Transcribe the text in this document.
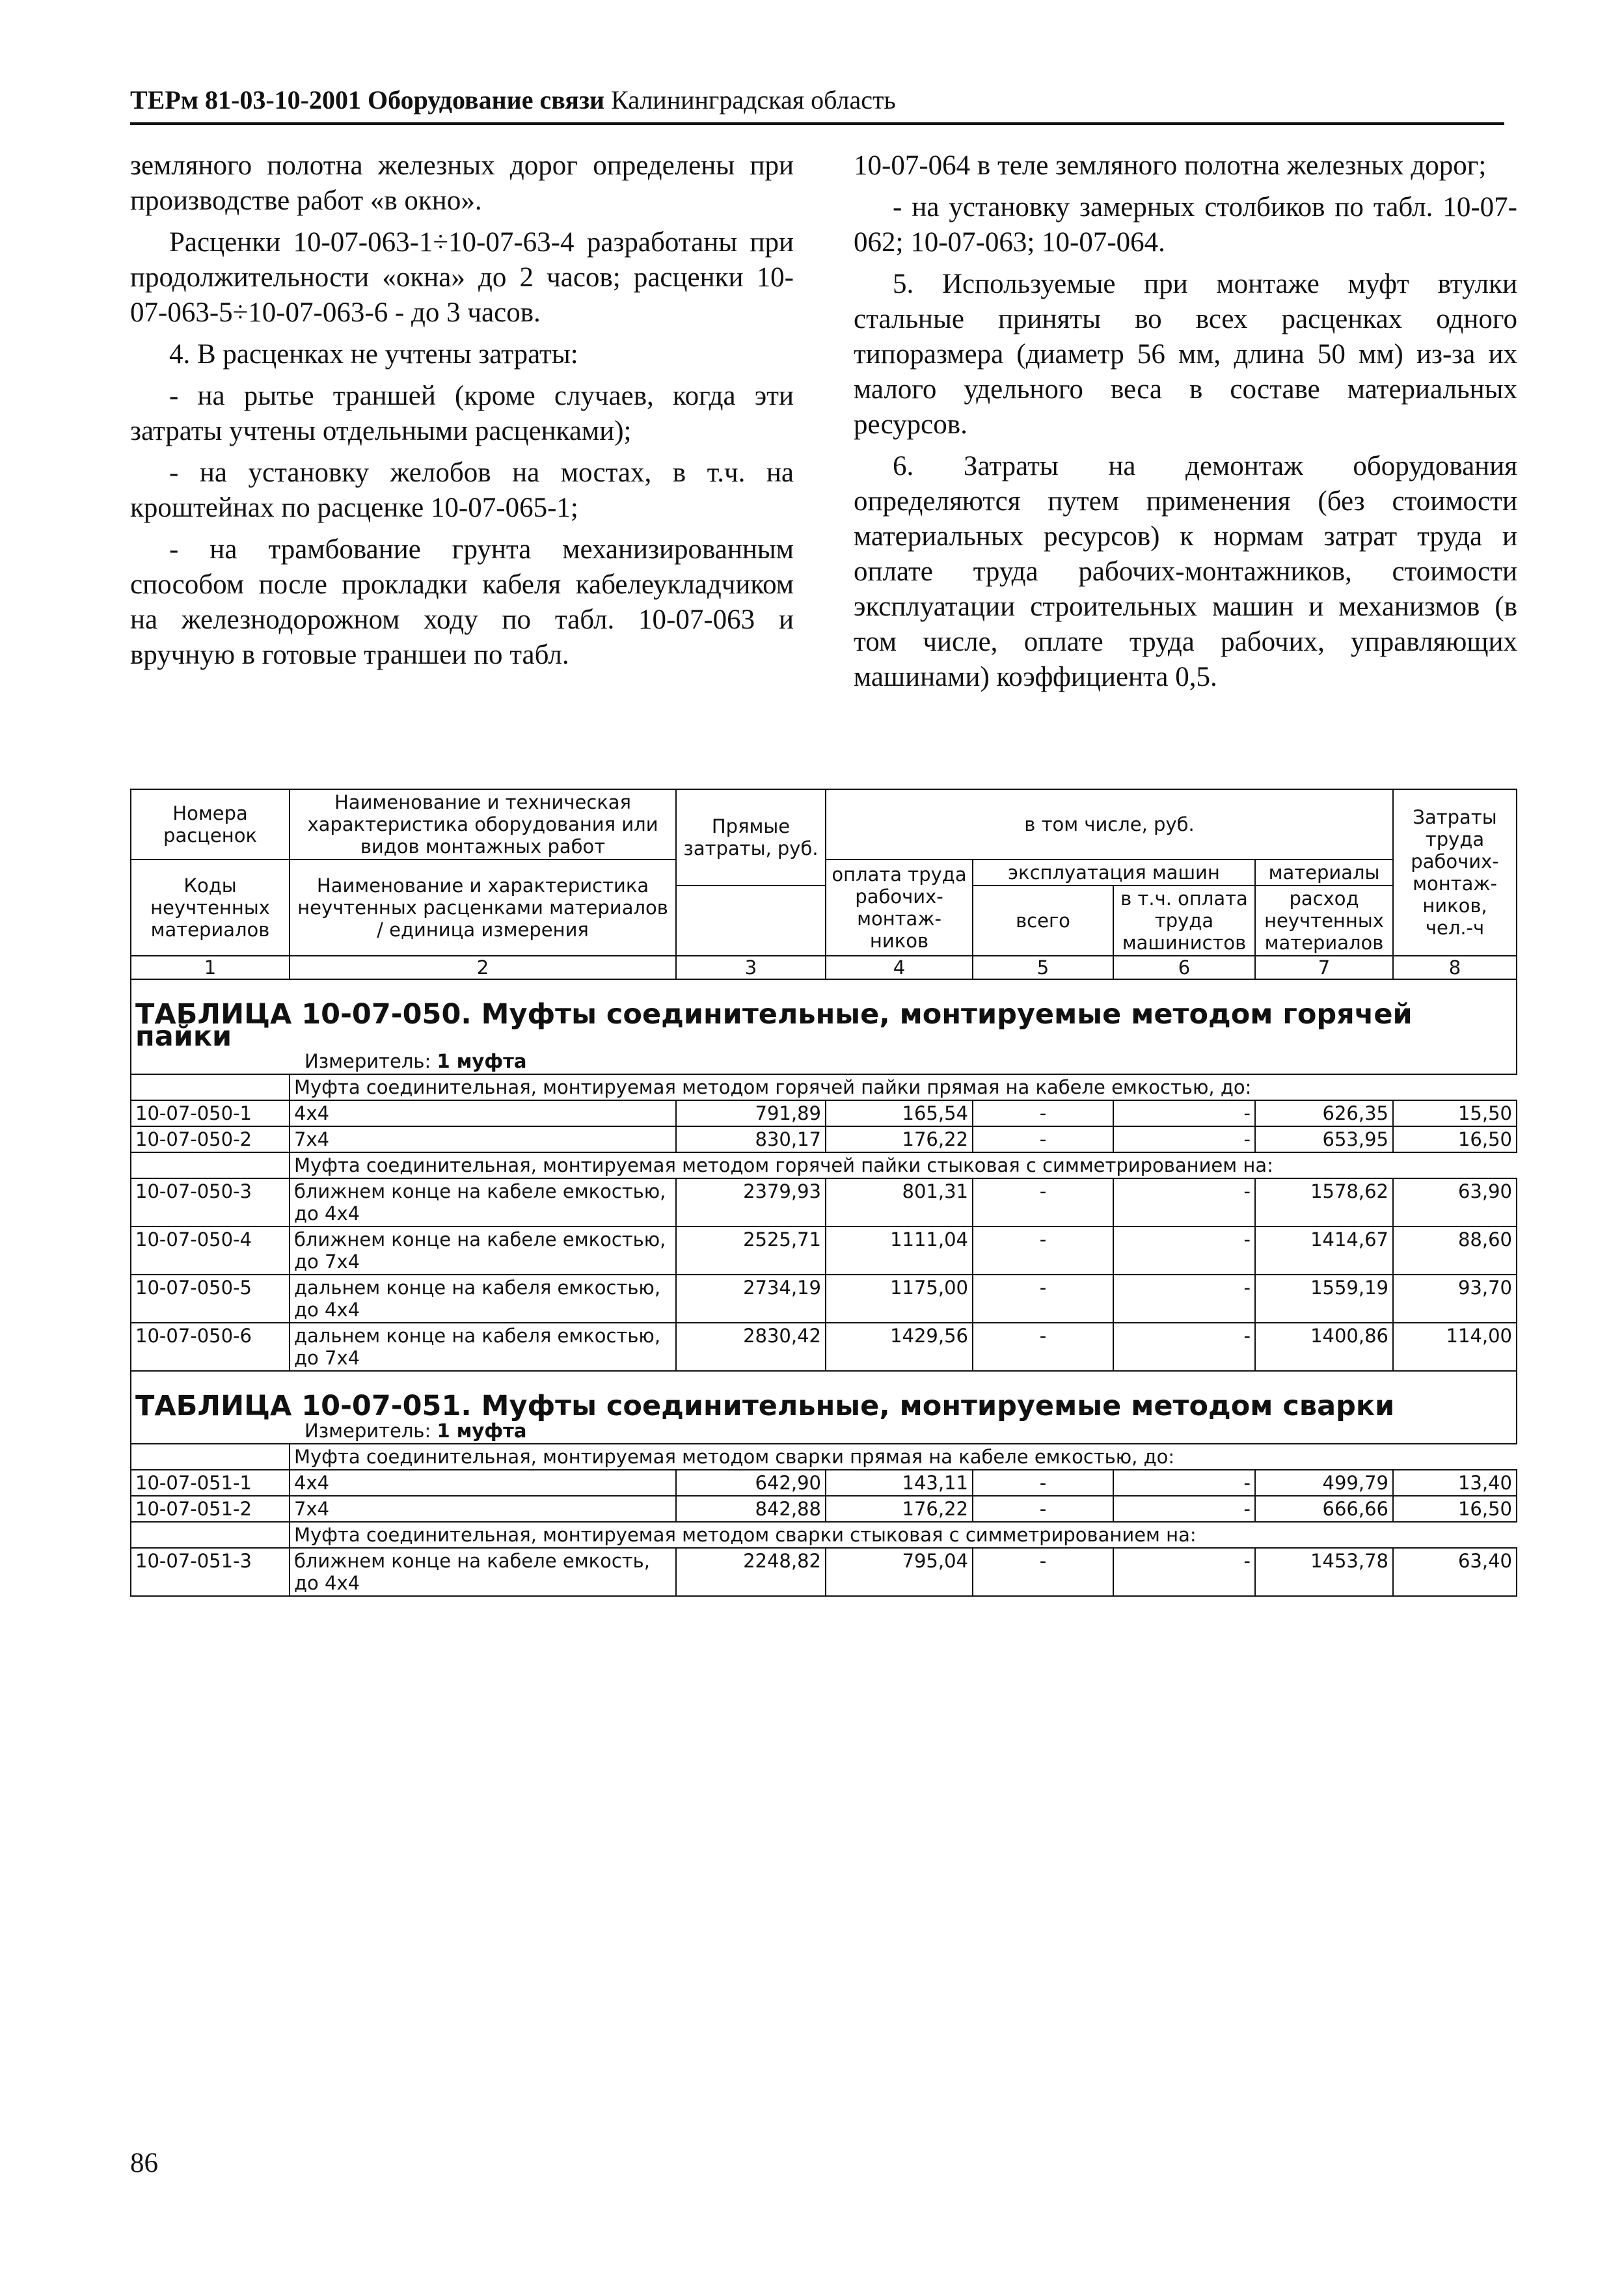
ТЕРм 81-03-10-2001 Оборудование связи Калининградская область

земляного полотна железных дорог определены при производстве работ «в окно».

Расценки 10-07-063-1÷10-07-63-4 разработаны при продолжительности «окна» до 2 часов; расценки 10-07-063-5÷10-07-063-6 - до 3 часов.

4. В расценках не учтены затраты:

- на рытье траншей (кроме случаев, когда эти затраты учтены отдельными расценками);

- на установку желобов на мостах, в т.ч. на кроштейнах по расценке 10-07-065-1;

- на трамбование грунта механизированным способом после прокладки кабеля кабелеукладчиком на железнодорожном ходу по табл. 10-07-063 и вручную в готовые траншеи по табл.

10-07-064 в теле земляного полотна железных дорог;

- на установку замерных столбиков по табл. 10-07-062; 10-07-063; 10-07-064.

5. Используемые при монтаже муфт втулки стальные приняты во всех расценках одного типоразмера (диаметр 56 мм, длина 50 мм) из-за их малого удельного веса в составе материальных ресурсов.

6. Затраты на демонтаж оборудования определяются путем применения (без стоимости материальных ресурсов) к нормам затрат труда и оплате труда рабочих-монтажников, стоимости эксплуатации строительных машин и механизмов (в том числе, оплате труда рабочих, управляющих машинами) коэффициента 0,5.

Номера расценок	Наименование и техническая характеристика оборудования или видов монтажных работ	Прямые затраты, руб.	в том числе, руб.				Затраты труда рабочих-монтаж-ников, чел.-ч
Коды неучтенных материалов	Наименование и характеристика неучтенных расценками материалов / единица измерения		оплата труда рабочих-монтаж-ников	эксплуатация машин		материалы	
				всего	в т.ч. оплата труда машинистов	расход неучтенных материалов	

1	2	3	4	5	6	7	8
ТАБЛИЦА 10-07-050. Муфты соединительные, монтируемые методом горячей пайки							
Измеритель: 1 муфта							
	Муфта соединительная, монтируемая методом горячей пайки прямая на кабеле емкостью, до:						
10-07-050-1	4x4	791,89	165,54	-	-	626,35	15,50
10-07-050-2	7x4	830,17	176,22	-	-	653,95	16,50
	Муфта соединительная, монтируемая методом горячей пайки стыковая с симметрированием на:						
10-07-050-3	ближнем конце на кабеле емкостью, до 4x4	2379,93	801,31	-	-	1578,62	63,90
10-07-050-4	ближнем конце на кабеле емкостью, до 7x4	2525,71	1111,04	-	-	1414,67	88,60
10-07-050-5	дальнем конце на кабеля емкостью, до 4x4	2734,19	1175,00	-	-	1559,19	93,70
10-07-050-6	дальнем конце на кабеля емкостью, до 7x4	2830,42	1429,56	-	-	1400,86	114,00
ТАБЛИЦА 10-07-051. Муфты соединительные, монтируемые методом сварки							
Измеритель: 1 муфта							
	Муфта соединительная, монтируемая методом сварки прямая на кабеле емкостью, до:						
10-07-051-1	4x4	642,90	143,11	-	-	499,79	13,40
10-07-051-2	7x4	842,88	176,22	-	-	666,66	16,50
	Муфта соединительная, монтируемая методом сварки стыковая с симметрированием на:						
10-07-051-3	ближнем конце на кабеле емкость, до 4x4	2248,82	795,04	-	-	1453,78	63,40
86
